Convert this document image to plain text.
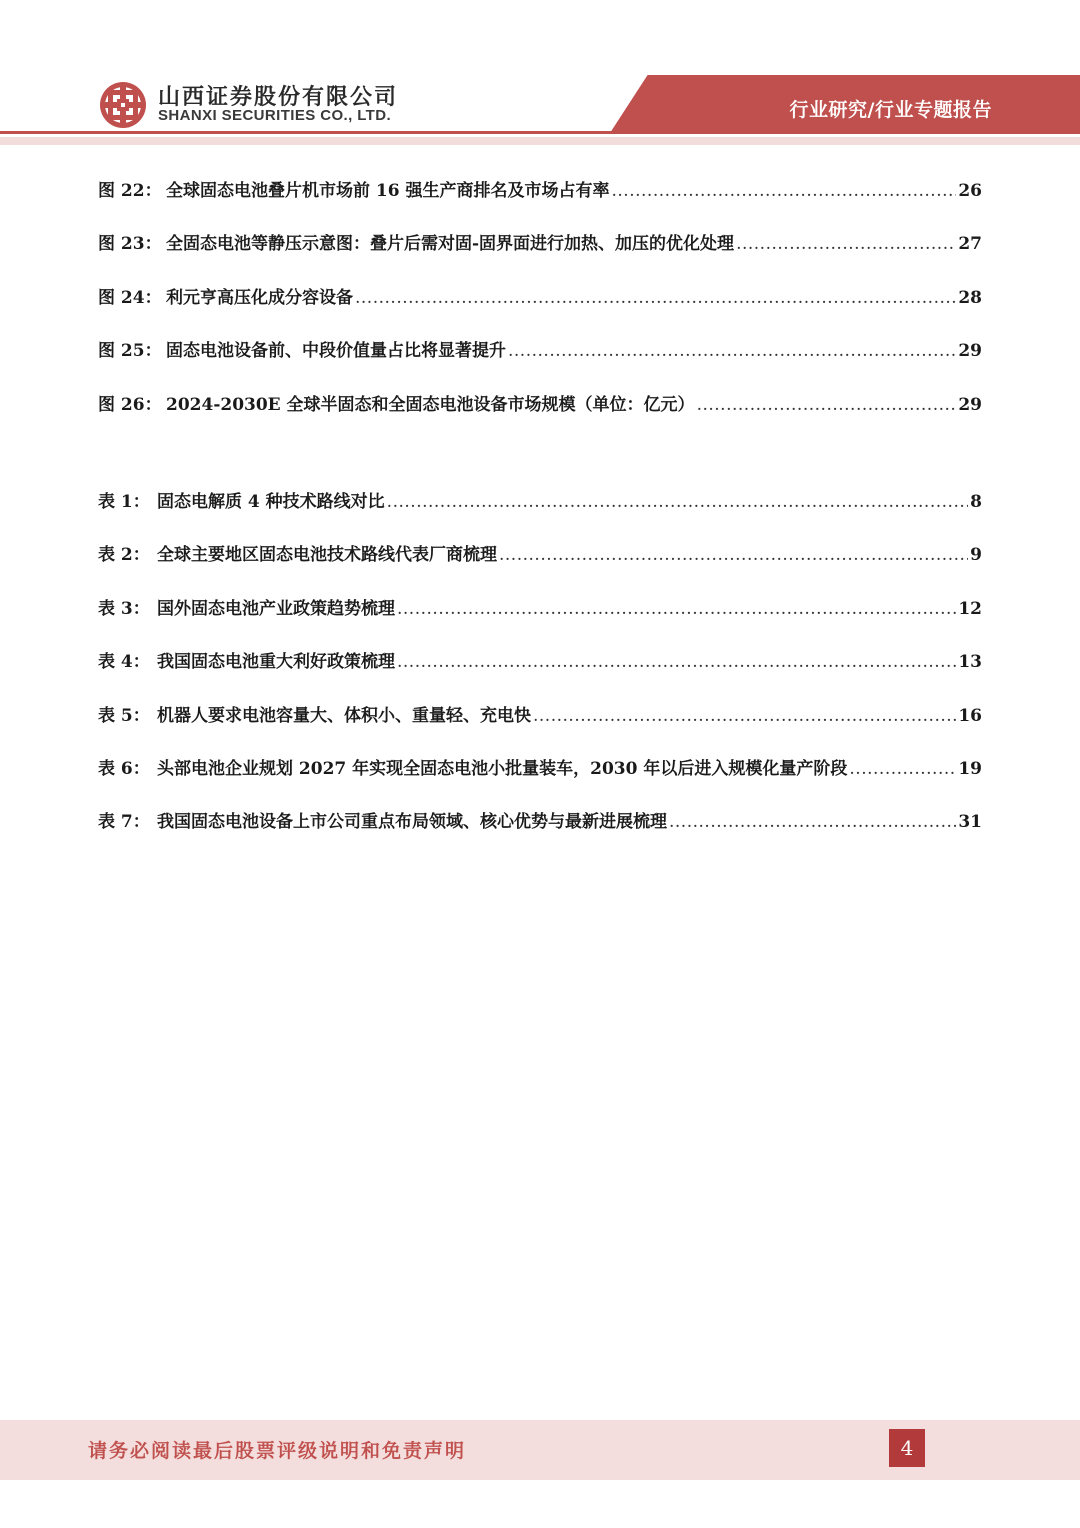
山西证券股份有限公司
SHANXI SECURITIES CO., LTD.	行业研究/行业专题报告
图 22： 全球固态电池叠片机市场前 16 强生产商排名及市场占有率 .....	26
图 23： 全固态电池等静压示意图：叠片后需对固-固界面进行加热、加压的优化处理 .....	27
图 24： 利元亨高压化成分容设备 .....	28
图 25： 固态电池设备前、中段价值量占比将显著提升 .....	29
图 26： 2024-2030E 全球半固态和全固态电池设备市场规模（单位：亿元） .....	29
表 1： 固态电解质 4 种技术路线对比 .....	8
表 2： 全球主要地区固态电池技术路线代表厂商梳理 .....	9
表 3： 国外固态电池产业政策趋势梳理 .....	12
表 4： 我国固态电池重大利好政策梳理 .....	13
表 5： 机器人要求电池容量大、体积小、重量轻、充电快 .....	16
表 6： 头部电池企业规划 2027 年实现全固态电池小批量装车，2030 年以后进入规模化量产阶段 .....	19
表 7： 我国固态电池设备上市公司重点布局领域、核心优势与最新进展梳理 .....	31
请务必阅读最后股票评级说明和免责声明	4
